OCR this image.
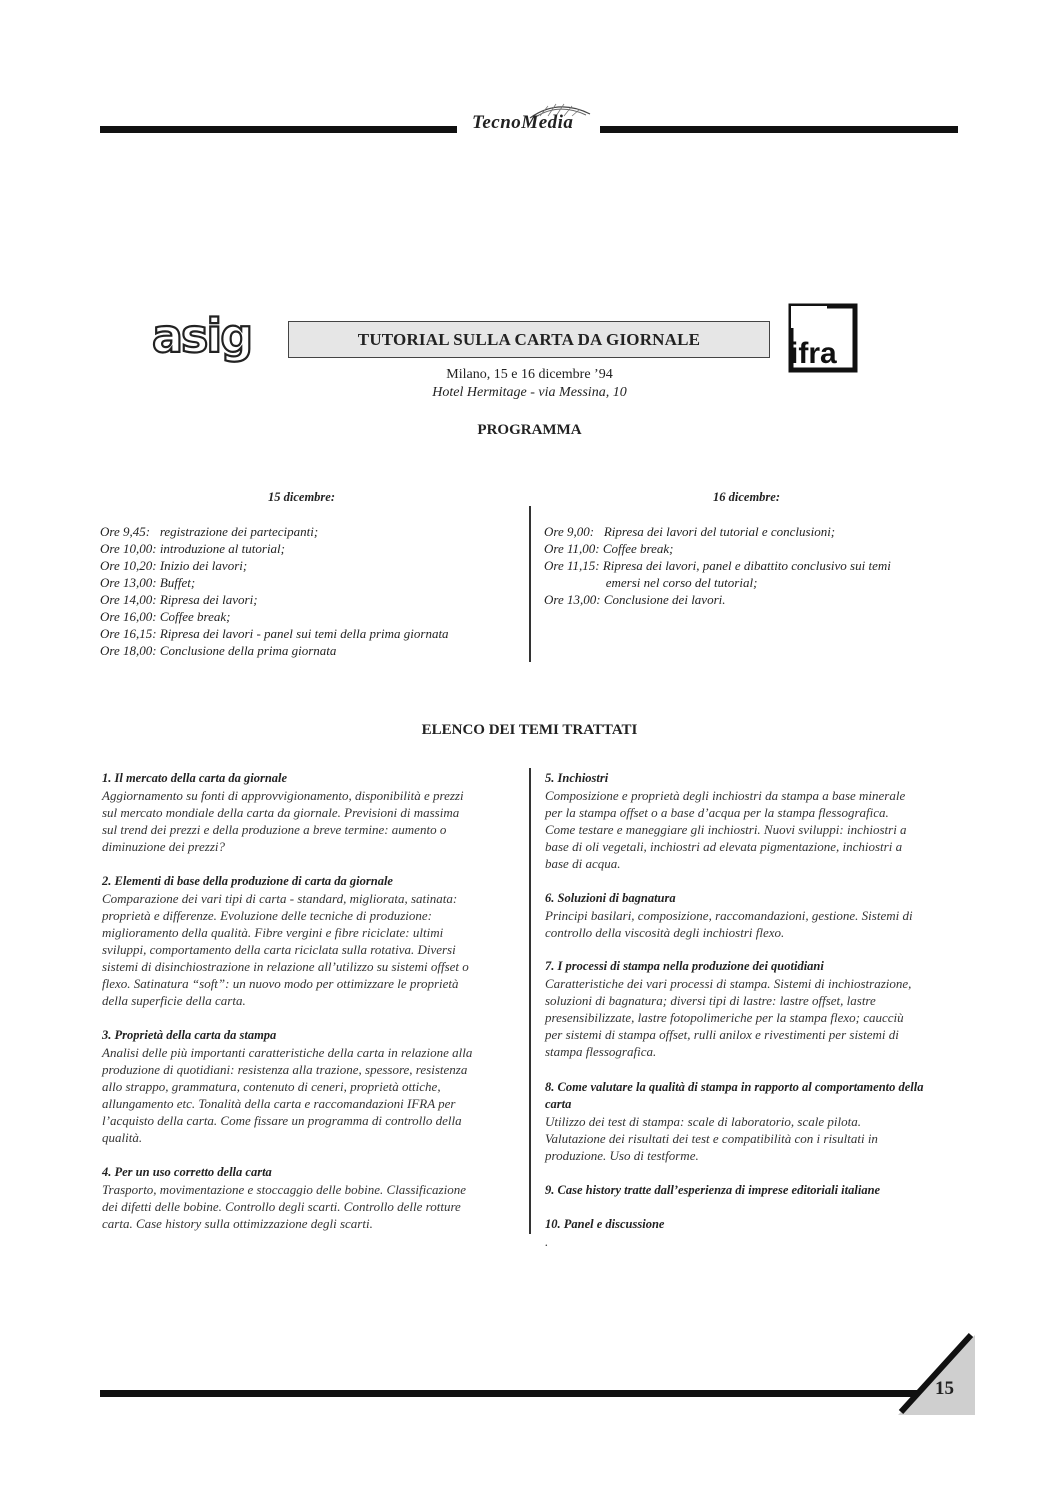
TecnoMedia
asig	ifra
TUTORIAL SULLA CARTA DA GIORNALE
Milano, 15 e 16 dicembre ’94
Hotel Hermitage - via Messina, 10
PROGRAMMA
15 dicembre:	16 dicembre:
Ore 9,45:   registrazione dei partecipanti;
Ore 10,00: introduzione al tutorial;
Ore 10,20: Inizio dei lavori;
Ore 13,00: Buffet;
Ore 14,00: Ripresa dei lavori;
Ore 16,00: Coffee break;
Ore 16,15: Ripresa dei lavori - panel sui temi della prima giornata
Ore 18,00: Conclusione della prima giornata
Ore 9,00:   Ripresa dei lavori del tutorial e conclusioni;
Ore 11,00: Coffee break;
Ore 11,15: Ripresa dei lavori, panel e dibattito conclusivo sui temi
emersi nel corso del tutorial;
Ore 13,00: Conclusione dei lavori.
ELENCO DEI TEMI TRATTATI
1. Il mercato della carta da giornale

Aggiornamento su fonti di approvvigionamento, disponibilità e prezzi

sul mercato mondiale della carta da giornale. Previsioni di massima

sul trend dei prezzi e della produzione a breve termine: aumento o

diminuzione dei prezzi?

2. Elementi di base della produzione di carta da giornale

Comparazione dei vari tipi di carta - standard, migliorata, satinata:

proprietà e differenze. Evoluzione delle tecniche di produzione:

miglioramento della qualità. Fibre vergini e fibre riciclate: ultimi

sviluppi, comportamento della carta riciclata sulla rotativa. Diversi

sistemi di disinchiostrazione in relazione all’utilizzo su sistemi offset o

flexo. Satinatura “soft”: un nuovo modo per ottimizzare le proprietà

della superficie della carta.

3. Proprietà della carta da stampa

Analisi delle più importanti caratteristiche della carta in relazione alla

produzione di quotidiani: resistenza alla trazione, spessore, resistenza

allo strappo, grammatura, contenuto di ceneri, proprietà ottiche,

allungamento etc. Tonalità della carta e raccomandazioni IFRA per

l’acquisto della carta. Come fissare un programma di controllo della

qualità.

4. Per un uso corretto della carta

Trasporto, movimentazione e stoccaggio delle bobine. Classificazione

dei difetti delle bobine. Controllo degli scarti. Controllo delle rotture

carta. Case history sulla ottimizzazione degli scarti.

5. Inchiostri

Composizione e proprietà degli inchiostri da stampa a base minerale

per la stampa offset o a base d’acqua per la stampa flessografica.

Come testare e maneggiare gli inchiostri. Nuovi sviluppi: inchiostri a

base di oli vegetali, inchiostri ad elevata pigmentazione, inchiostri a

base di acqua.

6. Soluzioni di bagnatura

Principi basilari, composizione, raccomandazioni, gestione. Sistemi di

controllo della viscosità degli inchiostri flexo.

7. I processi di stampa nella produzione dei quotidiani

Caratteristiche dei vari processi di stampa. Sistemi di inchiostrazione,

soluzioni di bagnatura; diversi tipi di lastre: lastre offset, lastre

presensibilizzate, lastre fotopolimeriche per la stampa flexo; caucciù

per sistemi di stampa offset, rulli anilox e rivestimenti per sistemi di

stampa flessografica.

8. Come valutare la qualità di stampa in rapporto al comportamento della carta

Utilizzo dei test di stampa: scale di laboratorio, scale pilota.

Valutazione dei risultati dei test e compatibilità con i risultati in

produzione. Uso di testforme.

9. Case history tratte dall’esperienza di imprese editoriali italiane
10. Panel e discussione

.

15
